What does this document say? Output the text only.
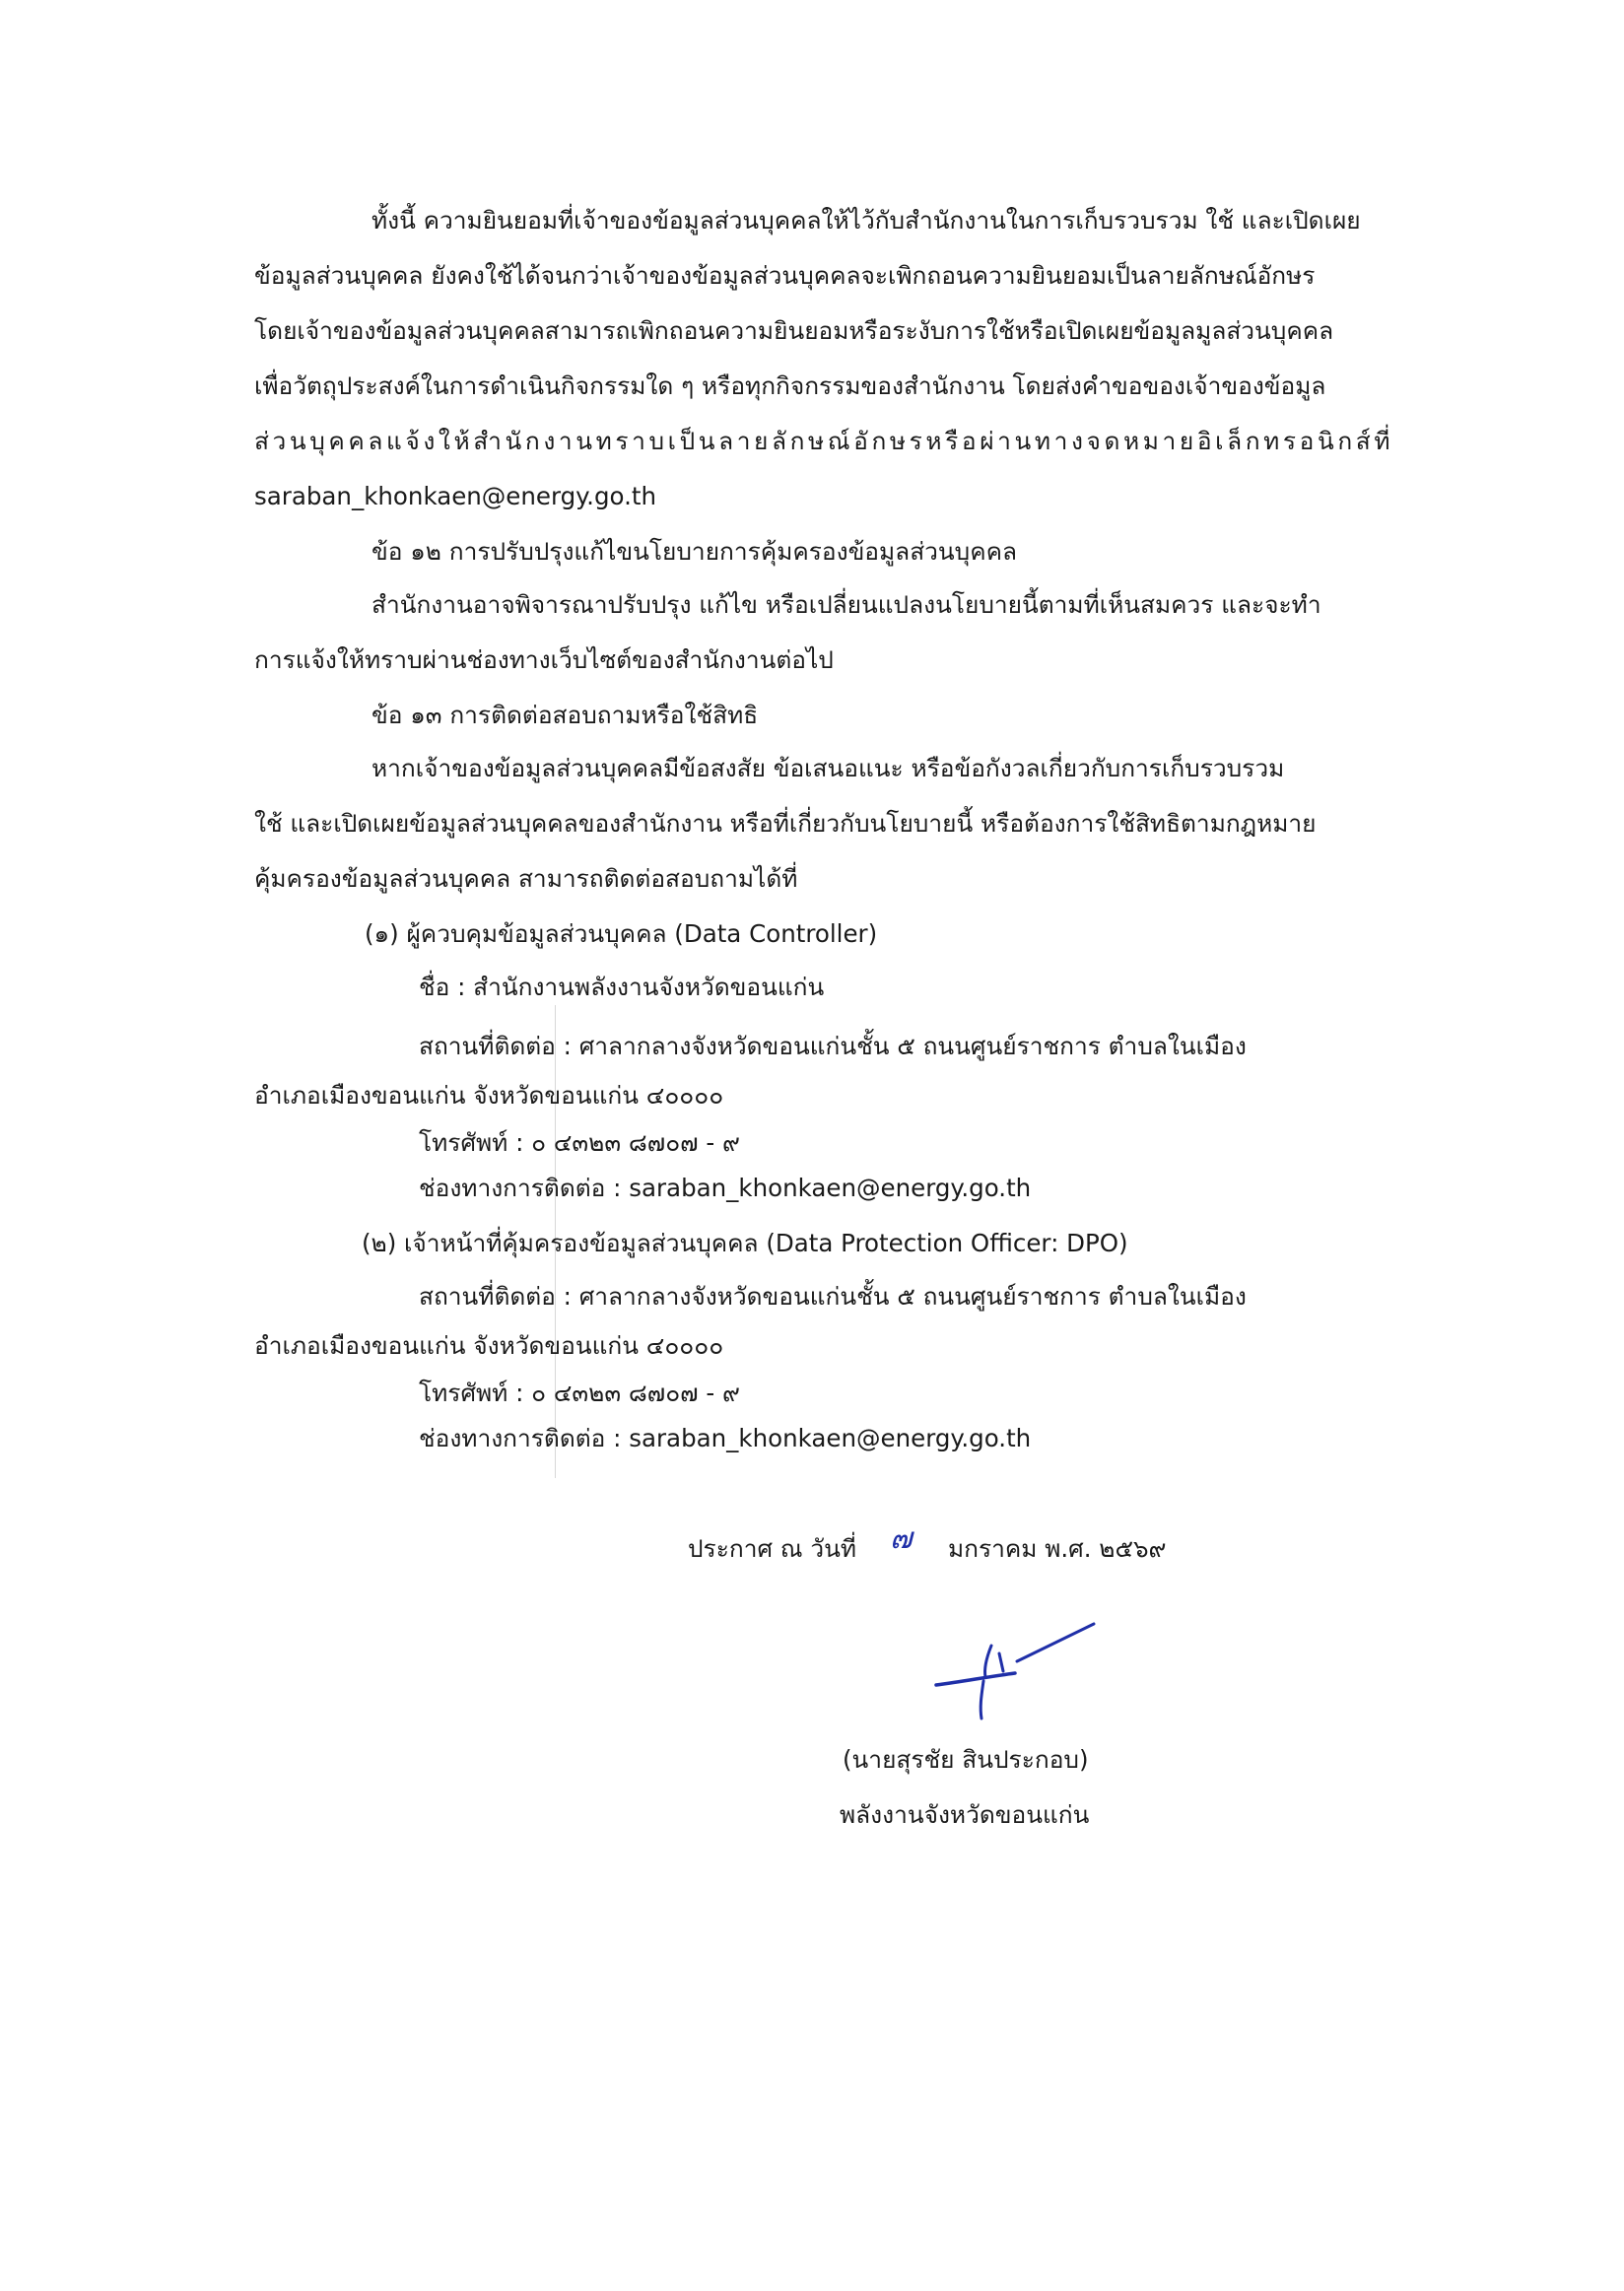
ทั้งนี้ ความยินยอมที่เจ้าของข้อมูลส่วนบุคคลให้ไว้กับสำนักงานในการเก็บรวบรวม ใช้ และเปิดเผย

ข้อมูลส่วนบุคคล ยังคงใช้ได้จนกว่าเจ้าของข้อมูลส่วนบุคคลจะเพิกถอนความยินยอมเป็นลายลักษณ์อักษร

โดยเจ้าของข้อมูลส่วนบุคคลสามารถเพิกถอนความยินยอมหรือระงับการใช้หรือเปิดเผยข้อมูลมูลส่วนบุคคล

เพื่อวัตถุประสงค์ในการดำเนินกิจกรรมใด ๆ หรือทุกกิจกรรมของสำนักงาน โดยส่งคำขอของเจ้าของข้อมูล

ส่วนบุคคลแจ้งให้สำนักงานทราบเป็นลายลักษณ์อักษรหรือผ่านทางจดหมายอิเล็กทรอนิกส์ที่

saraban_khonkaen@energy.go.th

ข้อ ๑๒ การปรับปรุงแก้ไขนโยบายการคุ้มครองข้อมูลส่วนบุคคล

สำนักงานอาจพิจารณาปรับปรุง แก้ไข หรือเปลี่ยนแปลงนโยบายนี้ตามที่เห็นสมควร และจะทำ

การแจ้งให้ทราบผ่านช่องทางเว็บไซต์ของสำนักงานต่อไป

ข้อ ๑๓ การติดต่อสอบถามหรือใช้สิทธิ

หากเจ้าของข้อมูลส่วนบุคคลมีข้อสงสัย ข้อเสนอแนะ หรือข้อกังวลเกี่ยวกับการเก็บรวบรวม

ใช้ และเปิดเผยข้อมูลส่วนบุคคลของสำนักงาน หรือที่เกี่ยวกับนโยบายนี้ หรือต้องการใช้สิทธิตามกฎหมาย

คุ้มครองข้อมูลส่วนบุคคล สามารถติดต่อสอบถามได้ที่

(๑) ผู้ควบคุมข้อมูลส่วนบุคคล (Data Controller)

ชื่อ : สำนักงานพลังงานจังหวัดขอนแก่น

สถานที่ติดต่อ : ศาลากลางจังหวัดขอนแก่นชั้น ๕ ถนนศูนย์ราชการ ตำบลในเมือง

อำเภอเมืองขอนแก่น จังหวัดขอนแก่น ๔๐๐๐๐

โทรศัพท์ : ๐ ๔๓๒๓ ๘๗๐๗ - ๙

ช่องทางการติดต่อ : saraban_khonkaen@energy.go.th

(๒) เจ้าหน้าที่คุ้มครองข้อมูลส่วนบุคคล (Data Protection Officer: DPO)

สถานที่ติดต่อ : ศาลากลางจังหวัดขอนแก่นชั้น ๕ ถนนศูนย์ราชการ ตำบลในเมือง

อำเภอเมืองขอนแก่น จังหวัดขอนแก่น ๔๐๐๐๐

โทรศัพท์ : ๐ ๔๓๒๓ ๘๗๐๗ - ๙

ช่องทางการติดต่อ : saraban_khonkaen@energy.go.th

ประกาศ ณ วันที่ ๗ มกราคม พ.ศ. ๒๕๖๙

(นายสุรชัย สินประกอบ)

พลังงานจังหวัดขอนแก่น
